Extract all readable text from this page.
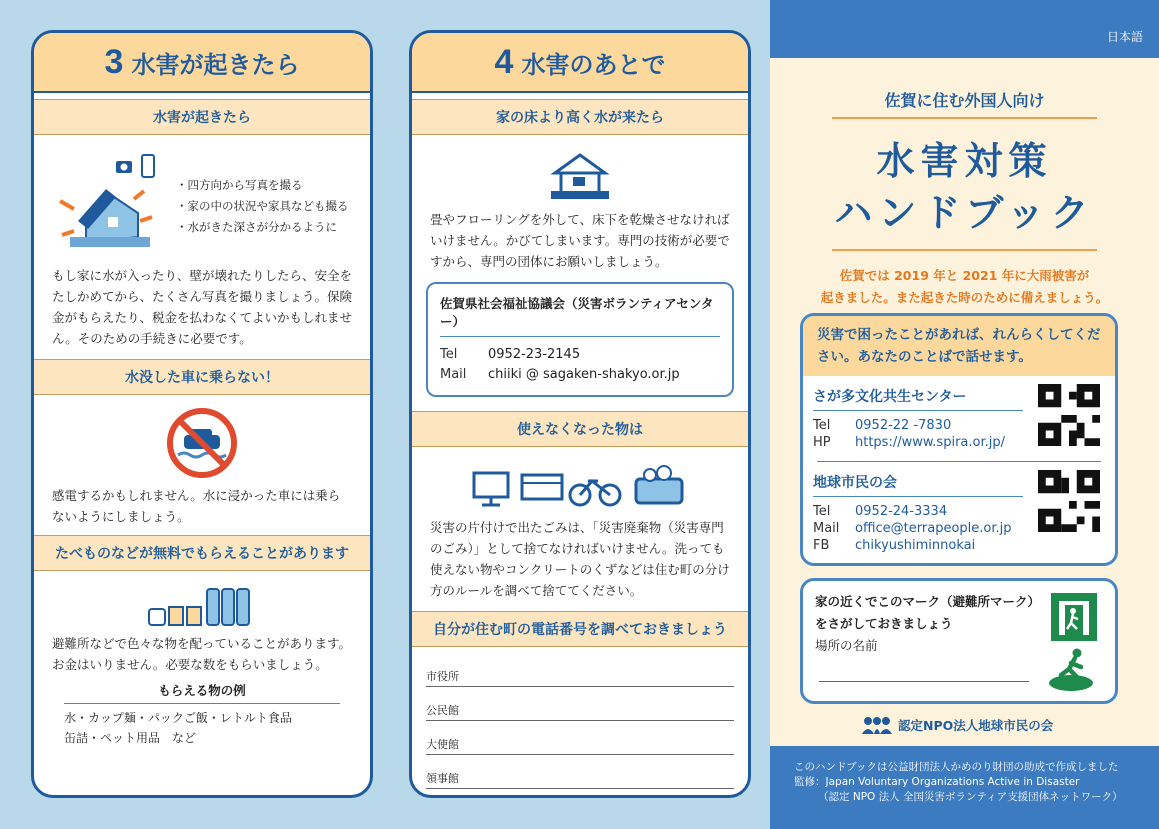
3 水害が起きたら
水害が起きたら
・四方向から写真を撮る
・家の中の状況や家具なども撮る
・水がきた深さが分かるように
もし家に水が入ったり、壁が壊れたりしたら、安全をたしかめてから、たくさん写真を撮りましょう。保険金がもらえたり、税金を払わなくてよいかもしれません。そのための手続きに必要です。
水没した車に乗らない！
感電するかもしれません。水に浸かった車には乗らないようにしましょう。
たべものなどが無料でもらえることがあります
避難所などで色々な物を配っていることがあります。お金はいりません。必要な数をもらいましょう。
もらえる物の例
水・カップ麺・パックご飯・レトルト食品
缶詰・ペット用品　など
4 水害のあとで
家の床より高く水が来たら
畳やフローリングを外して、床下を乾燥させなければいけません。かびてしまいます。専門の技術が必要ですから、専門の団体にお願いしましょう。
佐賀県社会福祉協議会（災害ボランティアセンター）
Tel	0952-23-2145
Mail	chiiki @ sagaken-shakyo.or.jp
使えなくなった物は
災害の片付けで出たごみは、「災害廃棄物（災害専門のごみ）」として捨てなければいけません。洗っても使えない物やコンクリートのくずなどは住む町の分け方のルールを調べて捨ててください。
自分が住む町の電話番号を調べておきましょう
市役所
公民館
大使館
領事館
日本語
佐賀に住む外国人向け
水害対策
ハンドブック
佐賀では 2019 年と 2021 年に大雨被害が
起きました。また起きた時のために備えましょう。
災害で困ったことがあれば、れんらくしてください。あなたのことばで話せます。
さが多文化共生センター
Tel	0952-22 -7830
HP	https://www.spira.or.jp/
地球市民の会
Tel	0952-24-3334
Mail	office@terrapeople.or.jp
FB	chikyushiminnokai
家の近くでこのマーク（避難所マーク）
をさがしておきましょう
場所の名前
認定NPO法人地球市民の会
このハンドブックは公益財団法人かめのり財団の助成で作成しました
監修：Japan Voluntary Organizations Active in Disaster
（認定 NPO 法人 全国災害ボランティア支援団体ネットワーク）
